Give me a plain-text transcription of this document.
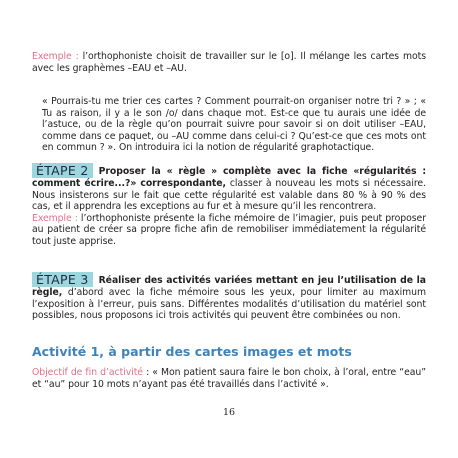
Exemple : l’orthophoniste choisit de travailler sur le [o]. Il mélange les cartes mots avec les graphèmes –EAU et –AU.

« Pourrais-tu me trier ces cartes ? Comment pourrait-on organiser notre tri ? » ; « Tu as raison, il y a le son /o/ dans chaque mot. Est-ce que tu aurais une idée de l’astuce, ou de la règle qu’on pourrait suivre pour savoir si on doit utiliser –EAU, comme dans ce paquet, ou –AU comme dans celui-ci ? Qu’est-ce que ces mots ont en commun ? ». On introduira ici la notion de régularité graphotactique.

ÉTAPE 2 Proposer la « règle » complète avec la fiche «régularités : comment écrire...?» correspondante, classer à nouveau les mots si nécessaire. Nous insisterons sur le fait que cette régularité est valable dans 80 % à 90 % des cas, et il apprendra les exceptions au fur et à mesure qu’il les rencontrera.
Exemple : l’orthophoniste présente la fiche mémoire de l’imagier, puis peut proposer au patient de créer sa propre fiche afin de remobiliser immédiatement la régularité tout juste apprise.

ÉTAPE 3 Réaliser des activités variées mettant en jeu l’utilisation de la règle, d’abord avec la fiche mémoire sous les yeux, pour limiter au maximum l’exposition à l’erreur, puis sans. Différentes modalités d’utilisation du matériel sont possibles, nous proposons ici trois activités qui peuvent être combinées ou non.

Activité 1, à partir des cartes images et mots

Objectif de fin d’activité : « Mon patient saura faire le bon choix, à l’oral, entre “eau” et “au” pour 10 mots n’ayant pas été travaillés dans l’activité ».

16
